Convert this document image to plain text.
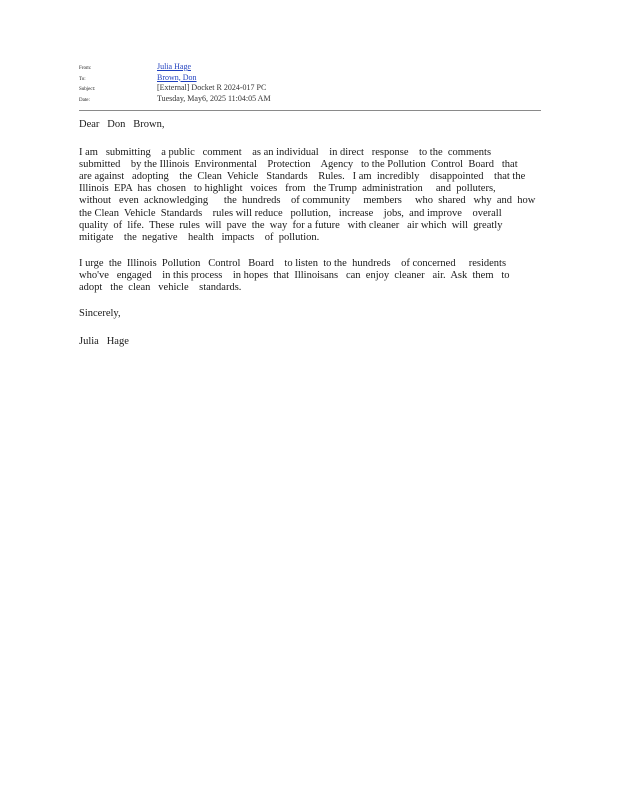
From:	Julia Hage
To:	Brown, Don
Subject:	[External] Docket R 2024-017 PC
Date:	Tuesday, May6, 2025 11:04:05 AM

Dear   Don   Brown,

I am   submitting    a public   comment    as an individual    in direct   response    to the  comments

submitted    by the Illinois  Environmental    Protection    Agency   to the Pollution  Control  Board   that

are against   adopting    the  Clean  Vehicle   Standards    Rules.   I am  incredibly    disappointed    that the

Illinois  EPA  has  chosen   to highlight   voices   from   the Trump  administration     and  polluters,

without   even  acknowledging      the  hundreds    of community     members     who  shared   why  and  how

the Clean  Vehicle  Standards    rules will reduce   pollution,   increase    jobs,  and improve    overall

quality  of  life.  These  rules  will  pave  the  way  for a future   with cleaner   air which  will  greatly

mitigate    the  negative    health   impacts    of  pollution.

I urge  the  Illinois  Pollution   Control   Board    to listen  to the  hundreds    of concerned     residents

who've   engaged    in this process    in hopes  that  Illinoisans   can  enjoy  cleaner   air.  Ask  them   to

adopt   the  clean   vehicle    standards.

Sincerely,

Julia   Hage
